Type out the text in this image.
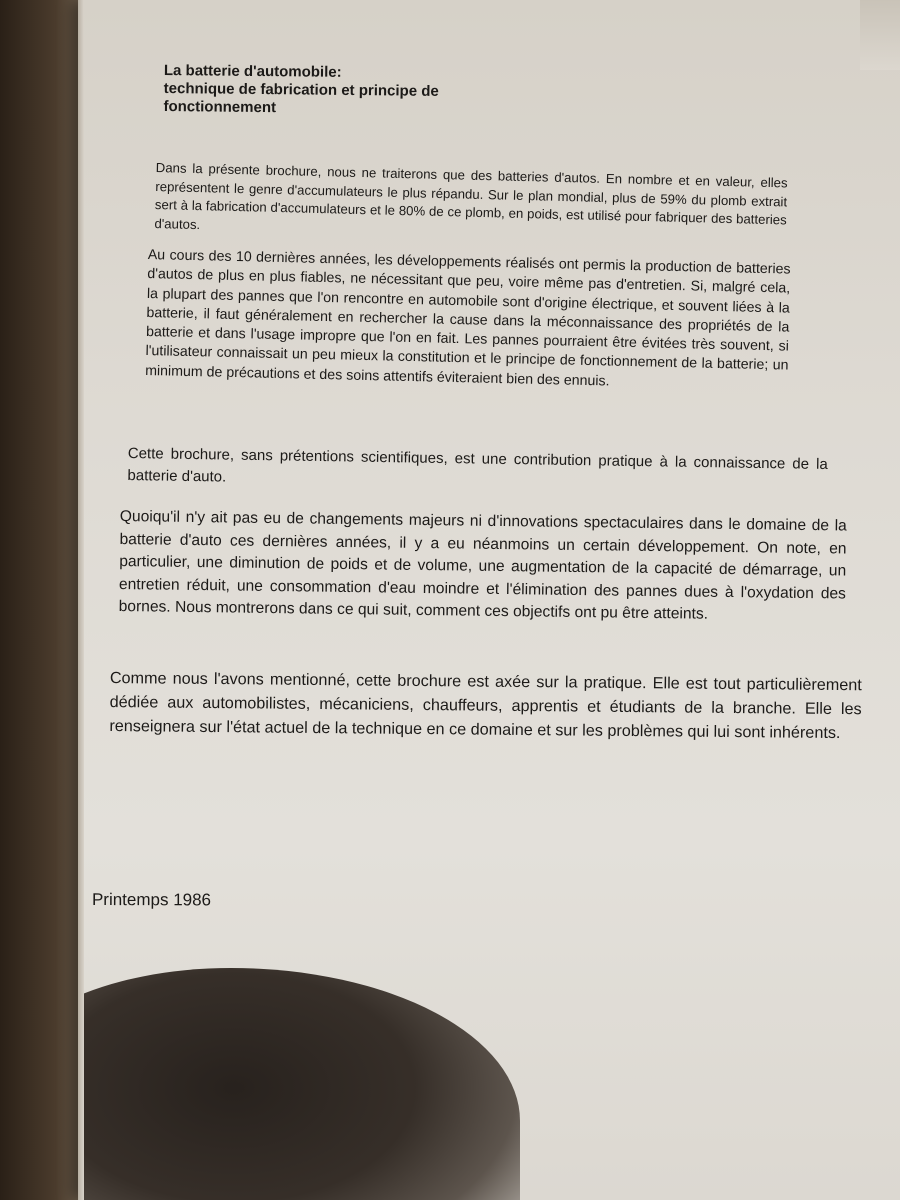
La batterie d'automobile:
technique de fabrication et principe de
fonctionnement

Dans la présente brochure, nous ne traiterons que des batteries d'autos. En nombre et en valeur, elles représentent le genre d'accumulateurs le plus répandu. Sur le plan mondial, plus de 59% du plomb extrait sert à la fabrication d'accumulateurs et le 80% de ce plomb, en poids, est utilisé pour fabriquer des batteries d'autos.

Au cours des 10 dernières années, les développements réalisés ont permis la production de batteries d'autos de plus en plus fiables, ne nécessitant que peu, voire même pas d'entretien. Si, malgré cela, la plupart des pannes que l'on rencontre en automobile sont d'origine électrique, et souvent liées à la batterie, il faut généralement en rechercher la cause dans la méconnaissance des propriétés de la batterie et dans l'usage impropre que l'on en fait. Les pannes pourraient être évitées très souvent, si l'utilisateur connaissait un peu mieux la constitution et le principe de fonctionnement de la batterie; un minimum de précautions et des soins attentifs éviteraient bien des ennuis.

Cette brochure, sans prétentions scientifiques, est une contribution pratique à la connaissance de la batterie d'auto.

Quoiqu'il n'y ait pas eu de changements majeurs ni d'innovations spectaculaires dans le domaine de la batterie d'auto ces dernières années, il y a eu néanmoins un certain développement. On note, en particulier, une diminution de poids et de volume, une augmentation de la capacité de démarrage, un entretien réduit, une consommation d'eau moindre et l'élimination des pannes dues à l'oxydation des bornes. Nous montrerons dans ce qui suit, comment ces objectifs ont pu être atteints.

Comme nous l'avons mentionné, cette brochure est axée sur la pratique. Elle est tout particulièrement dédiée aux automobilistes, mécaniciens, chauffeurs, apprentis et étudiants de la branche. Elle les renseignera sur l'état actuel de la technique en ce domaine et sur les problèmes qui lui sont inhérents.

Printemps 1986
